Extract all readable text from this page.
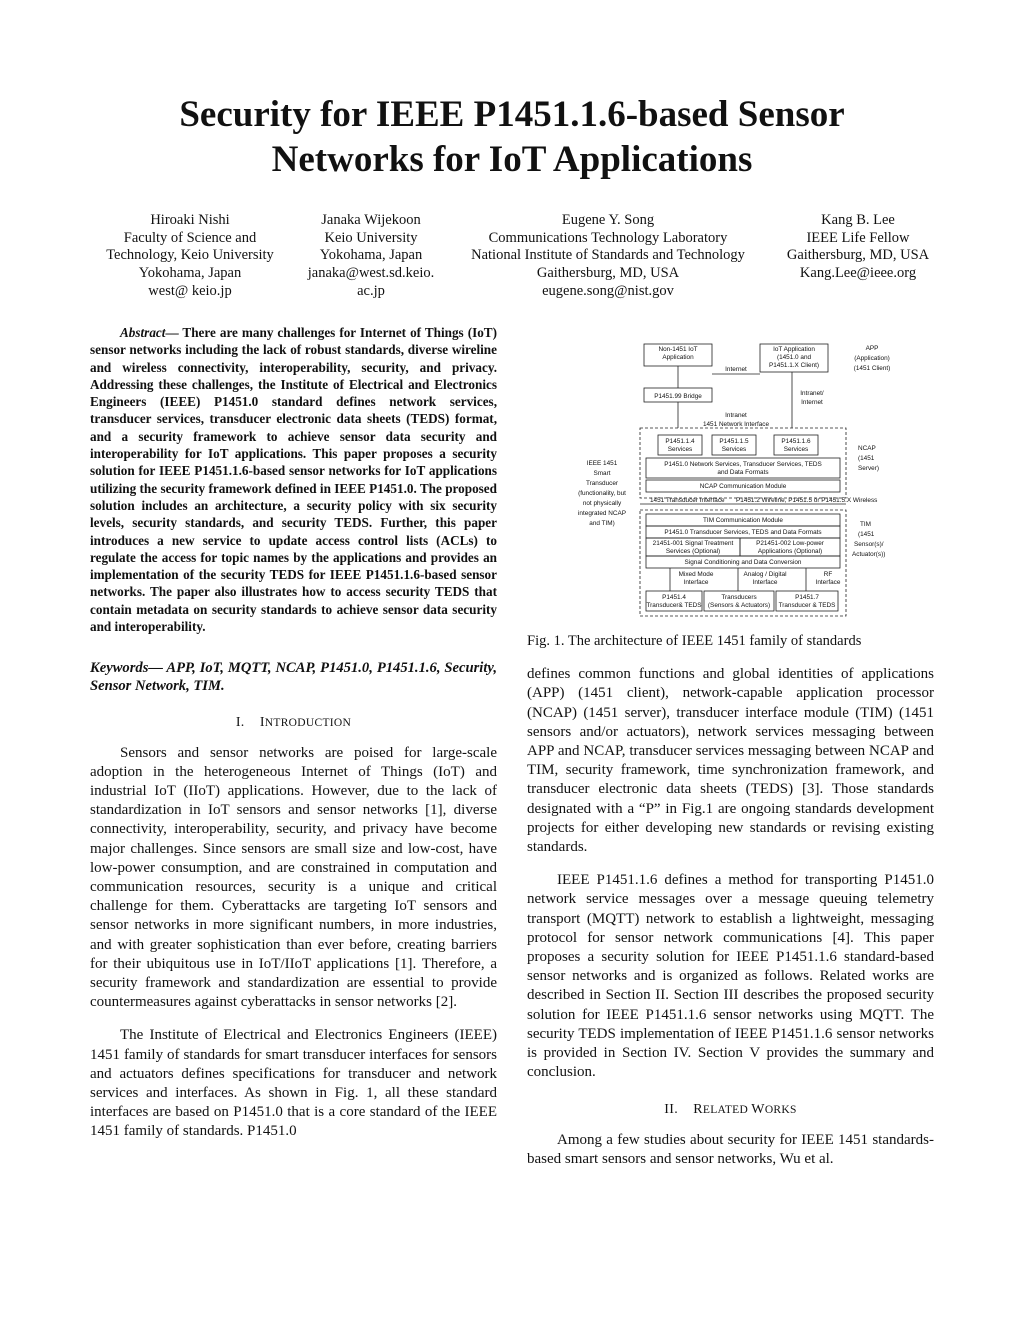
Security for IEEE P1451.1.6-based Sensor
Networks for IoT Applications
Hiroaki Nishi
Faculty of Science and
Technology, Keio University
Yokohama, Japan
west@ keio.jp
Janaka Wijekoon
Keio University
Yokohama, Japan
janaka@west.sd.keio.
ac.jp
Eugene Y. Song
Communications Technology Laboratory
National Institute of Standards and Technology
Gaithersburg, MD, USA
eugene.song@nist.gov
Kang B. Lee
IEEE Life Fellow
Gaithersburg, MD, USA
Kang.Lee@ieee.org

Abstract— There are many challenges for Internet of Things (IoT) sensor networks including the lack of robust standards, diverse wireline and wireless connectivity, interoperability, security, and privacy. Addressing these challenges, the Institute of Electrical and Electronics Engineers (IEEE) P1451.0 standard defines network services, transducer services, transducer electronic data sheets (TEDS) format, and a security framework to achieve sensor data security and interoperability for IoT applications. This paper proposes a security solution for IEEE P1451.1.6-based sensor networks for IoT applications utilizing the security framework defined in IEEE P1451.0. The proposed solution includes an architecture, a security policy with six security levels, security standards, and security TEDS. Further, this paper introduces a new service to update access control lists (ACLs) to regulate the access for topic names by the applications and provides an implementation of the security TEDS for IEEE P1451.1.6-based sensor networks. The paper also illustrates how to access security TEDS that contain metadata on security standards to achieve sensor data security and interoperability.

Keywords— APP, IoT, MQTT, NCAP, P1451.0, P1451.1.6, Security, Sensor Network, TIM.

I. INTRODUCTION

Sensors and sensor networks are poised for large-scale adoption in the heterogeneous Internet of Things (IoT) and industrial IoT (IIoT) applications. However, due to the lack of standardization in IoT sensors and sensor networks [1], diverse connectivity, interoperability, security, and privacy have become major challenges. Since sensors are small size and low-cost, have low-power consumption, and are constrained in computation and communication resources, security is a unique and critical challenge for them. Cyberattacks are targeting IoT sensors and sensor networks in more significant numbers, in more industries, and with greater sophistication than ever before, creating barriers for their ubiquitous use in IoT/IIoT applications [1]. Therefore, a security framework and standardization are essential to provide countermeasures against cyberattacks in sensor networks [2].

The Institute of Electrical and Electronics Engineers (IEEE) 1451 family of standards for smart transducer interfaces for sensors and actuators defines specifications for transducer and network services and interfaces. As shown in Fig. 1, all these standard interfaces are based on P1451.0 that is a core standard of the IEEE 1451 family of standards. P1451.0

Non-1451 IoT
Application
IoT Application
(1451.0 and
P1451.1.X Client)
APP
(Application)
(1451 Client)
Internet
P1451.99 Bridge	Intranet/
Internet
Intranet
1451 Network Interface
P1451.1.4
Services
P1451.1.5
Services
P1451.1.6
Services
P1451.0 Network Services, Transducer Services, TEDS
and Data Formats
NCAP Communication Module
NCAP
(1451
Server)
IEEE 1451
Smart
Transducer
(functionality, but
not physically
integrated NCAP
and TIM)
1451 Transducer Interface P1451.2 Wireline, P1451.5 or P1451.5.X Wireless
TIM Communication Module
P1451.0 Transducer Services, TEDS and Data Formats
21451-001 Signal Treatment
Services (Optional)
P21451-002 Low-power
Applications (Optional)
Signal Conditioning and Data Conversion
Mixed Mode
Interface
Analog / Digital
Interface
RF
Interface
P1451.4
Transducer& TEDS
Transducers
(Sensors & Actuators)
P1451.7
Transducer & TEDS
TIM
(1451
Sensor(s)/
Actuator(s))

Fig. 1. The architecture of IEEE 1451 family of standards

defines common functions and global identities of applications (APP) (1451 client), network-capable application processor (NCAP) (1451 server), transducer interface module (TIM) (1451 sensors and/or actuators), network services messaging between APP and NCAP, transducer services messaging between NCAP and TIM, security framework, time synchronization framework, and transducer electronic data sheets (TEDS) [3]. Those standards designated with a “P” in Fig.1 are ongoing standards development projects for either developing new standards or revising existing standards.

IEEE P1451.1.6 defines a method for transporting P1451.0 network service messages over a message queuing telemetry transport (MQTT) network to establish a lightweight, messaging protocol for sensor network communications [4]. This paper proposes a security solution for IEEE P1451.1.6 standard-based sensor networks and is organized as follows. Related works are described in Section II. Section III describes the proposed security solution for IEEE P1451.1.6 sensor networks using MQTT. The security TEDS implementation of IEEE P1451.1.6 sensor networks is provided in Section IV. Section V provides the summary and conclusion.

II. RELATED WORKS

Among a few studies about security for IEEE 1451 standards-based smart sensors and sensor networks, Wu et al.
